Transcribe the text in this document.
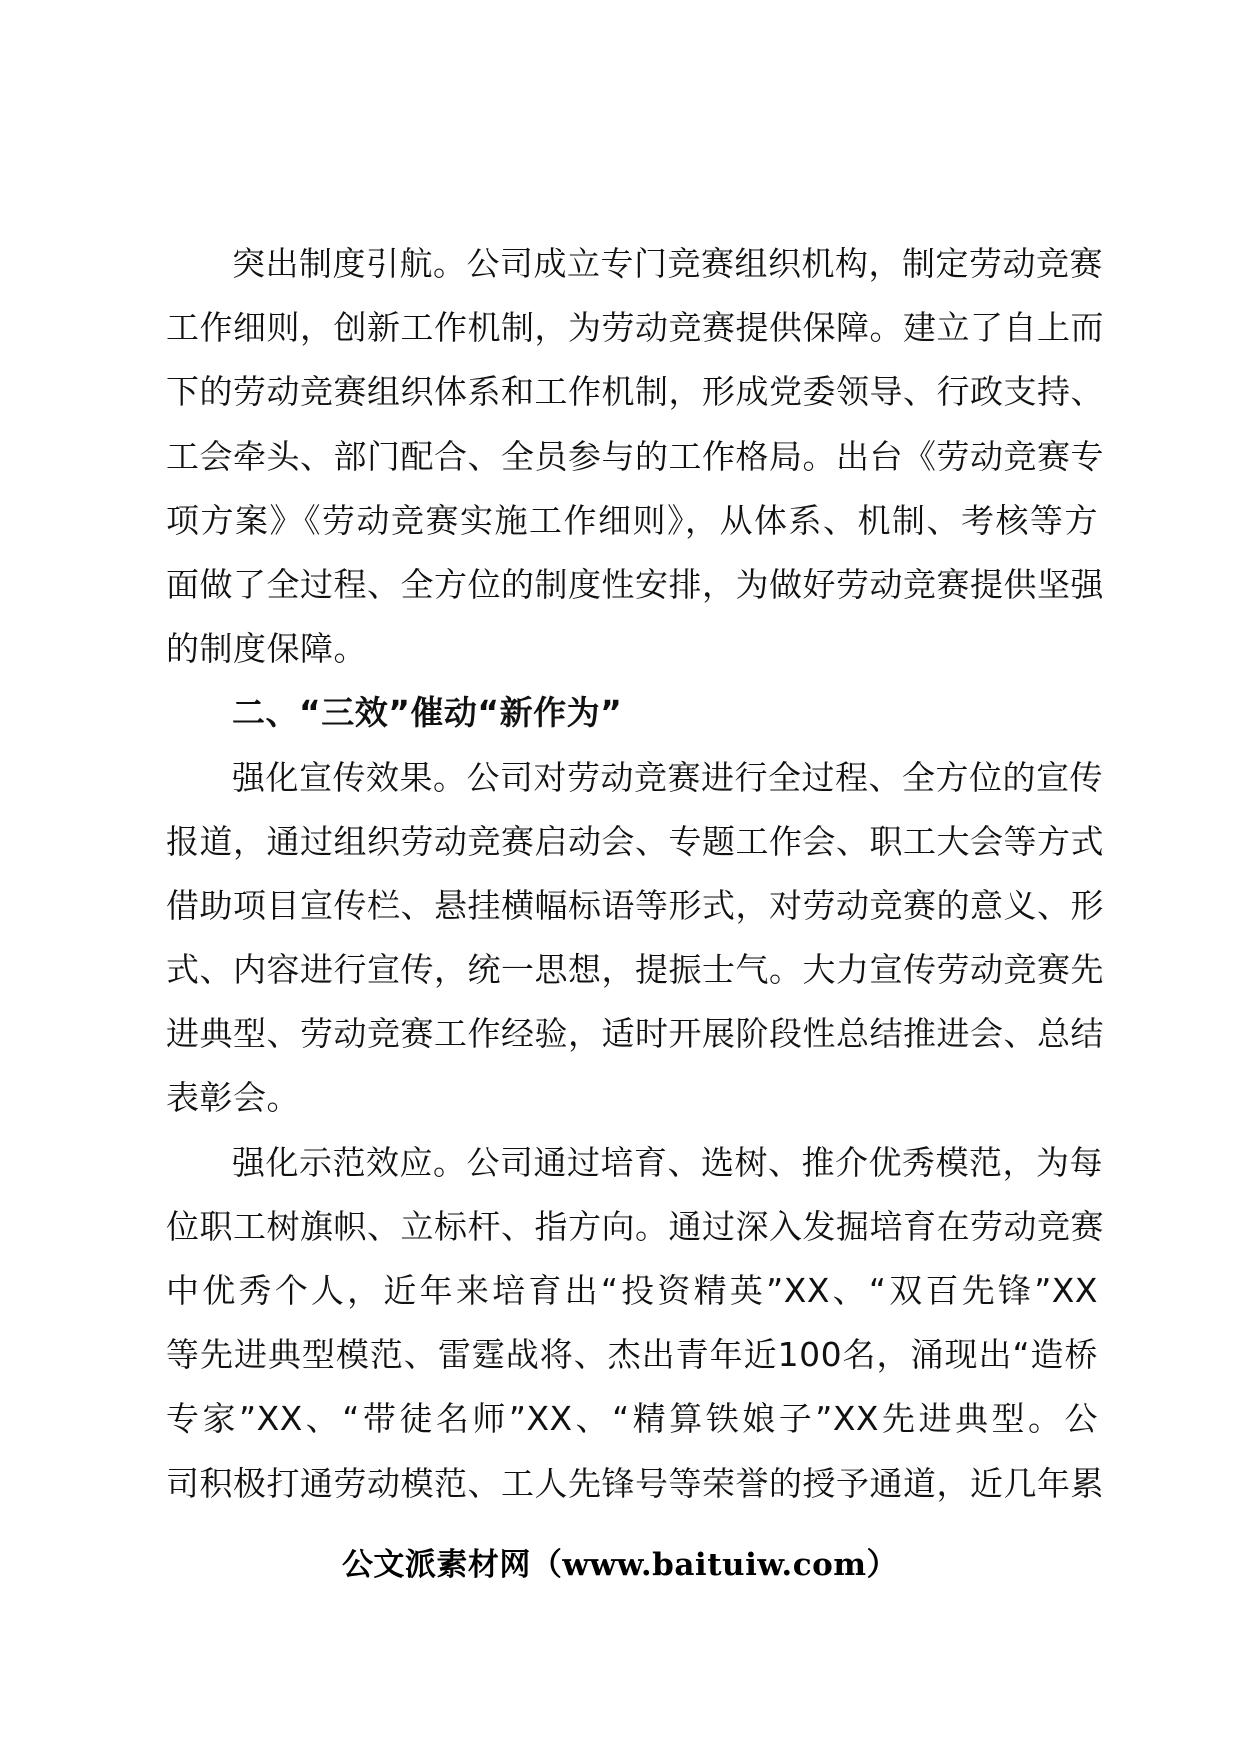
突出制度引航。公司成立专门竞赛组织机构，制定劳动竞赛
工作细则，创新工作机制，为劳动竞赛提供保障。建立了自上而
下的劳动竞赛组织体系和工作机制，形成党委领导、行政支持、
工会牵头、部门配合、全员参与的工作格局。出台《劳动竞赛专
项方案》《劳动竞赛实施工作细则》，从体系、机制、考核等方
面做了全过程、全方位的制度性安排，为做好劳动竞赛提供坚强
的制度保障。
二、“三效”催动“新作为”
强化宣传效果。公司对劳动竞赛进行全过程、全方位的宣传
报道，通过组织劳动竞赛启动会、专题工作会、职工大会等方式
借助项目宣传栏、悬挂横幅标语等形式，对劳动竞赛的意义、形
式、内容进行宣传，统一思想，提振士气。大力宣传劳动竞赛先
进典型、劳动竞赛工作经验，适时开展阶段性总结推进会、总结
表彰会。
强化示范效应。公司通过培育、选树、推介优秀模范，为每
位职工树旗帜、立标杆、指方向。通过深入发掘培育在劳动竞赛
中优秀个人，近年来培育出“投资精英”XX、“双百先锋”XX
等先进典型模范、雷霆战将、杰出青年近100名，涌现出“造桥
专家”XX、“带徒名师”XX、“精算铁娘子”XX先进典型。公
司积极打通劳动模范、工人先锋号等荣誉的授予通道，近几年累
公文派素材网（www.baituiw.com）
